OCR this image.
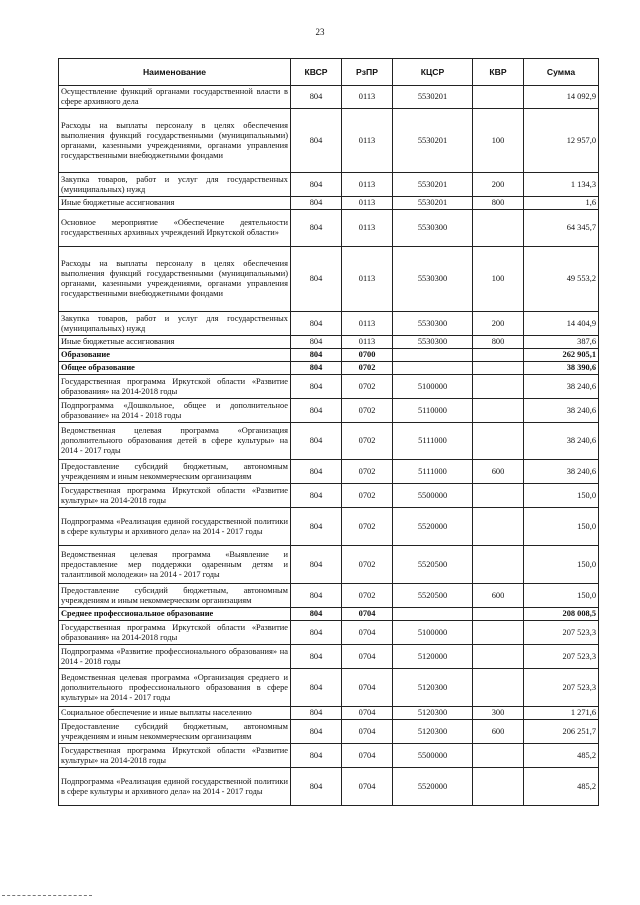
23
Наименование	КВСР	РзПР	КЦСР	КВР	Сумма
Осуществление функций органами государственной власти в сфере архивного дела	804	0113	5530201		14 092,9
Расходы на выплаты персоналу в целях обеспечения выполнения функций государственными (муниципальными) органами, казенными учреждениями, органами управления государственными внебюджетными фондами	804	0113	5530201	100	12 957,0
Закупка товаров, работ и услуг для государственных (муниципальных) нужд	804	0113	5530201	200	1 134,3
Иные бюджетные ассигнования	804	0113	5530201	800	1,6
Основное мероприятие «Обеспечение деятельности государственных архивных учреждений Иркутской области»	804	0113	5530300		64 345,7
Расходы на выплаты персоналу в целях обеспечения выполнения функций государственными (муниципальными) органами, казенными учреждениями, органами управления государственными внебюджетными фондами	804	0113	5530300	100	49 553,2
Закупка товаров, работ и услуг для государственных (муниципальных) нужд	804	0113	5530300	200	14 404,9
Иные бюджетные ассигнования	804	0113	5530300	800	387,6
Образование	804	0700			262 905,1
Общее образование	804	0702			38 390,6
Государственная программа Иркутской области «Развитие образования» на 2014-2018 годы	804	0702	5100000		38 240,6
Подпрограмма «Дошкольное, общее и дополнительное образование» на 2014 - 2018 годы	804	0702	5110000		38 240,6
Ведомственная целевая программа «Организация дополнительного образования детей в сфере культуры» на 2014 - 2017 годы	804	0702	5111000		38 240,6
Предоставление субсидий бюджетным, автономным учреждениям и иным некоммерческим организациям	804	0702	5111000	600	38 240,6
Государственная программа Иркутской области «Развитие культуры» на 2014-2018 годы	804	0702	5500000		150,0
Подпрограмма «Реализация единой государственной политики в сфере культуры и архивного дела» на 2014 - 2017 годы	804	0702	5520000		150,0
Ведомственная целевая программа «Выявление и предоставление мер поддержки одаренным детям и талантливой молодежи» на 2014 - 2017 годы	804	0702	5520500		150,0
Предоставление субсидий бюджетным, автономным учреждениям и иным некоммерческим организациям	804	0702	5520500	600	150,0
Среднее профессиональное образование	804	0704			208 008,5
Государственная программа Иркутской области «Развитие образования» на 2014-2018 годы	804	0704	5100000		207 523,3
Подпрограмма «Развитие профессионального образования» на 2014 - 2018 годы	804	0704	5120000		207 523,3
Ведомственная целевая программа «Организация среднего и дополнительного профессионального образования в сфере культуры» на 2014 - 2017 годы	804	0704	5120300		207 523,3
Социальное обеспечение и иные выплаты населению	804	0704	5120300	300	1 271,6
Предоставление субсидий бюджетным, автономным учреждениям и иным некоммерческим организациям	804	0704	5120300	600	206 251,7
Государственная программа Иркутской области «Развитие культуры» на 2014-2018 годы	804	0704	5500000		485,2
Подпрограмма «Реализация единой государственной политики в сфере культуры и архивного дела» на 2014 - 2017 годы	804	0704	5520000		485,2
